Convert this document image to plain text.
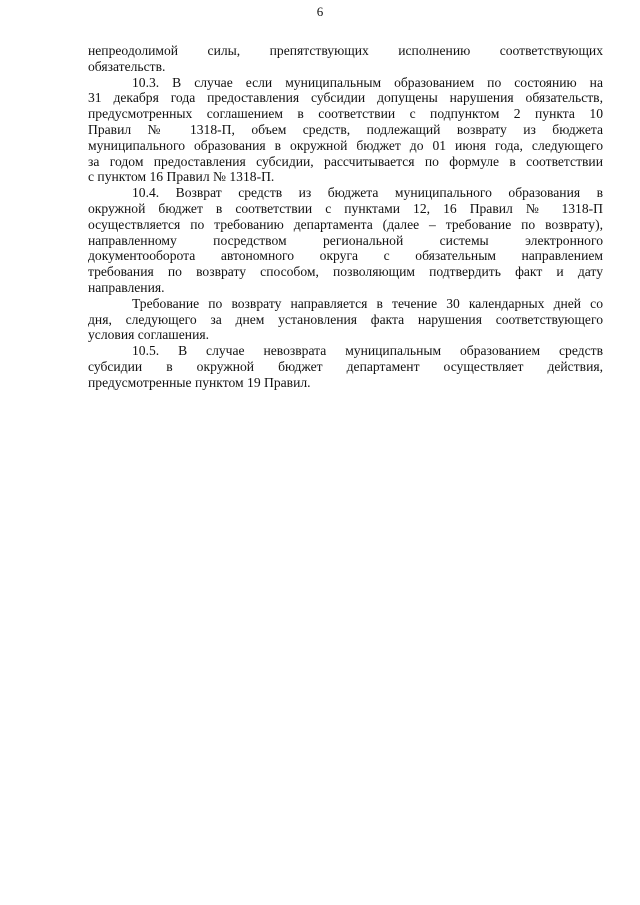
6
непреодолимой силы, препятствующих исполнению соответствующих
обязательств.
10.3. В случае если муниципальным образованием по состоянию на
31 декабря года предоставления субсидии допущены нарушения обязательств,
предусмотренных соглашением в соответствии с подпунктом 2 пункта 10
Правил № 1318-П, объем средств, подлежащий возврату из бюджета
муниципального образования в окружной бюджет до 01 июня года, следующего
за годом предоставления субсидии, рассчитывается по формуле в соответствии
с пунктом 16 Правил № 1318-П.
10.4. Возврат средств из бюджета муниципального образования в
окружной бюджет в соответствии с пунктами 12, 16 Правил № 1318-П
осуществляется по требованию департамента (далее – требование по возврату),
направленному посредством региональной системы электронного
документооборота автономного округа с обязательным направлением
требования по возврату способом, позволяющим подтвердить факт и дату
направления.
Требование по возврату направляется в течение 30 календарных дней со
дня, следующего за днем установления факта нарушения соответствующего
условия соглашения.
10.5. В случае невозврата муниципальным образованием средств
субсидии в окружной бюджет департамент осуществляет действия,
предусмотренные пунктом 19 Правил.
